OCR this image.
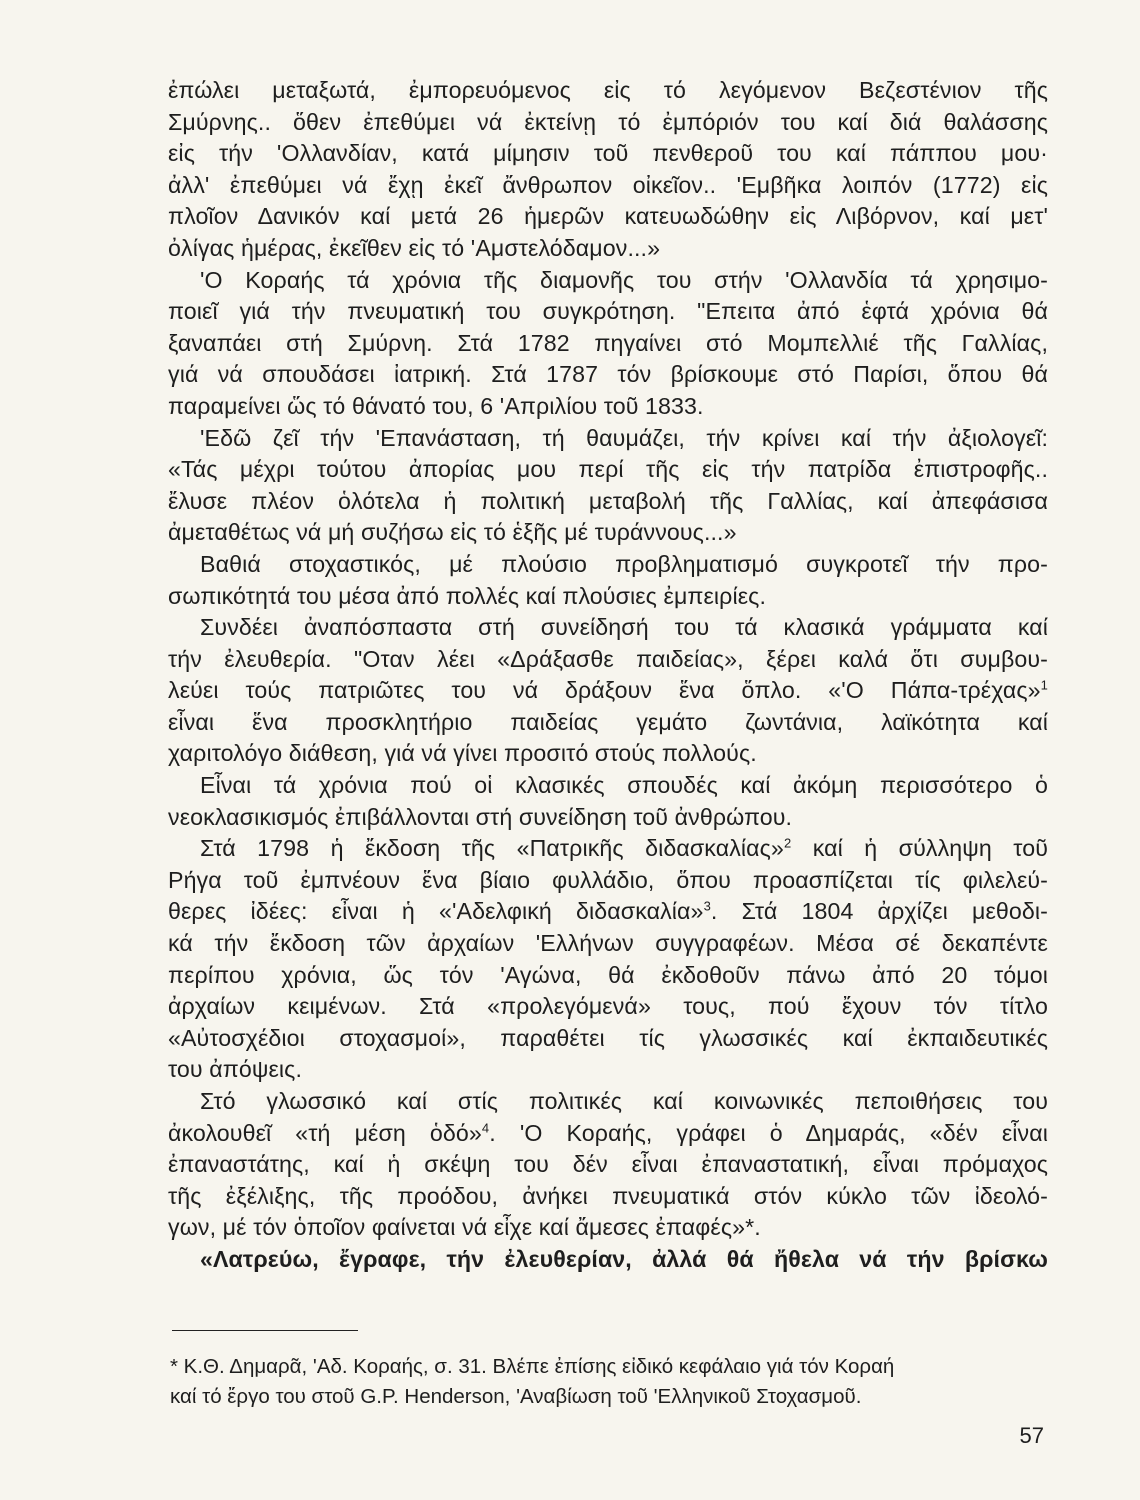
ἐπώλει μεταξωτά, ἐμπορευόμενος εἰς τό λεγόμενον Βεζεστένιον τῆς
Σμύρνης.. ὅθεν ἐπεθύμει νά ἐκτείνῃ τό ἐμπόριόν του καί διά θαλάσσης
εἰς τήν 'Ολλανδίαν, κατά μίμησιν τοῦ πενθεροῦ του καί πάππου μου·
ἀλλ' ἐπεθύμει νά ἔχῃ ἐκεῖ ἄνθρωπον οἰκεῖον.. 'Εμβῆκα λοιπόν (1772) εἰς
πλοῖον Δανικόν καί μετά 26 ἡμερῶν κατευωδώθην εἰς Λιβόρνον, καί μετ'
ὀλίγας ἡμέρας, ἐκεῖθεν εἰς τό 'Αμστελόδαμον...»
'Ο Κοραής τά χρόνια τῆς διαμονῆς του στήν 'Ολλανδία τά χρησιμο-
ποιεῖ γιά τήν πνευματική του συγκρότηση. "Επειτα ἀπό ἑφτά χρόνια θά
ξαναπάει στή Σμύρνη. Στά 1782 πηγαίνει στό Μομπελλιέ τῆς Γαλλίας,
γιά νά σπουδάσει ἰατρική. Στά 1787 τόν βρίσκουμε στό Παρίσι, ὅπου θά
παραμείνει ὥς τό θάνατό του, 6 'Απριλίου τοῦ 1833.
'Εδῶ ζεῖ τήν 'Επανάσταση, τή θαυμάζει, τήν κρίνει καί τήν ἀξιολογεῖ:
«Τάς μέχρι τούτου ἀπορίας μου περί τῆς εἰς τήν πατρίδα ἐπιστροφῆς..
ἔλυσε πλέον ὁλότελα ἡ πολιτική μεταβολή τῆς Γαλλίας, καί ἀπεφάσισα
ἀμεταθέτως νά μή συζήσω εἰς τό ἑξῆς μέ τυράννους...»
Βαθιά στοχαστικός, μέ πλούσιο προβληματισμό συγκροτεῖ τήν προ-
σωπικότητά του μέσα ἀπό πολλές καί πλούσιες ἐμπειρίες.
Συνδέει ἀναπόσπαστα στή συνείδησή του τά κλασικά γράμματα καί
τήν ἐλευθερία. "Οταν λέει «Δράξασθε παιδείας», ξέρει καλά ὅτι συμβου-
λεύει τούς πατριῶτες του νά δράξουν ἕνα ὅπλο. «'Ο Πάπα-τρέχας»$^1$
εἶναι ἕνα προσκλητήριο παιδείας γεμάτο ζωντάνια, λαϊκότητα καί
χαριτολόγο διάθεση, γιά νά γίνει προσιτό στούς πολλούς.
Εἶναι τά χρόνια πού οἱ κλασικές σπουδές καί ἀκόμη περισσότερο ὁ
νεοκλασικισμός ἐπιβάλλονται στή συνείδηση τοῦ ἀνθρώπου.
Στά 1798 ἡ ἔκδοση τῆς «Πατρικῆς διδασκαλίας»$^2$ καί ἡ σύλληψη τοῦ
Ρήγα τοῦ ἐμπνέουν ἕνα βίαιο φυλλάδιο, ὅπου προασπίζεται τίς φιλελεύ-
θερες ἰδέες: εἶναι ἡ «'Αδελφική διδασκαλία»$^3$. Στά 1804 ἀρχίζει μεθοδι-
κά τήν ἔκδοση τῶν ἀρχαίων 'Ελλήνων συγγραφέων. Μέσα σέ δεκαπέντε
περίπου χρόνια, ὥς τόν 'Αγώνα, θά ἐκδοθοῦν πάνω ἀπό 20 τόμοι
ἀρχαίων κειμένων. Στά «προλεγόμενά» τους, πού ἔχουν τόν τίτλο
«Αὐτοσχέδιοι στοχασμοί», παραθέτει τίς γλωσσικές καί ἐκπαιδευτικές
του ἀπόψεις.
Στό γλωσσικό καί στίς πολιτικές καί κοινωνικές πεποιθήσεις του
ἀκολουθεῖ «τή μέση ὁδό»$^4$. 'Ο Κοραής, γράφει ὁ Δημαράς, «δέν εἶναι
ἐπαναστάτης, καί ἡ σκέψη του δέν εἶναι ἐπαναστατική, εἶναι πρόμαχος
τῆς ἐξέλιξης, τῆς προόδου, ἀνήκει πνευματικά στόν κύκλο τῶν ἰδεολό-
γων, μέ τόν ὁποῖον φαίνεται νά εἶχε καί ἄμεσες ἐπαφές»*.
«Λατρεύω, ἔγραφε, τήν ἐλευθερίαν, ἀλλά θά ἤθελα νά τήν βρίσκω
* Κ.Θ. Δημαρᾶ, 'Αδ. Κοραής, σ. 31. Βλέπε ἐπίσης εἰδικό κεφάλαιο γιά τόν Κοραή
καί τό ἔργο του στοῦ G.P. Henderson, 'Αναβίωση τοῦ 'Ελληνικοῦ Στοχασμοῦ.
57
